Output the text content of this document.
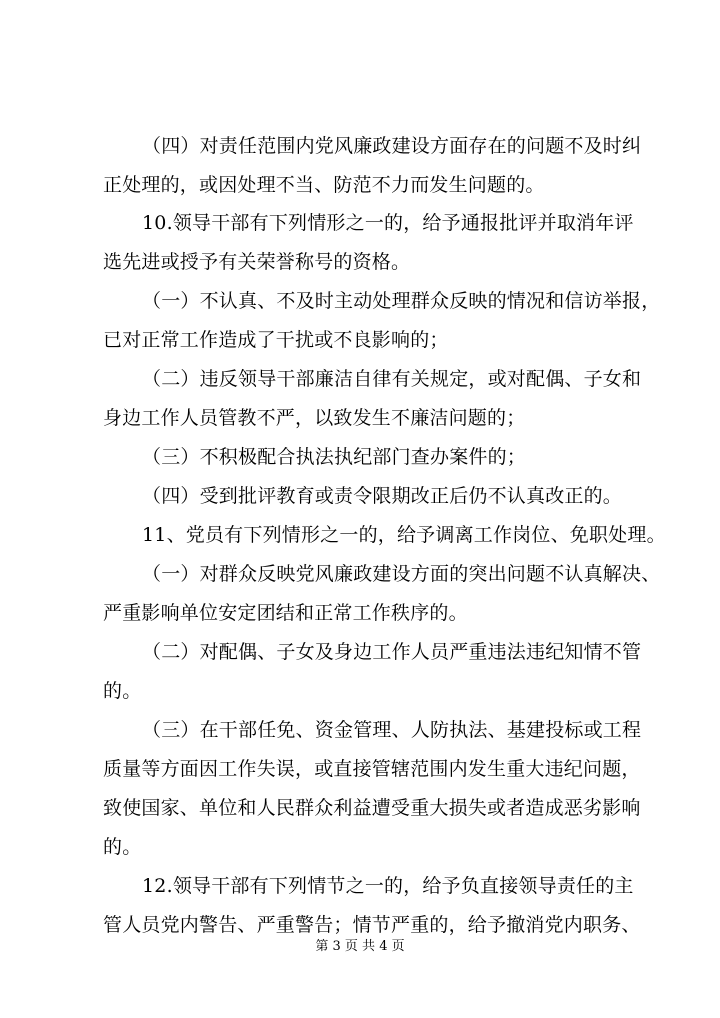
（四）对责任范围内党风廉政建设方面存在的问题不及时纠
正处理的，或因处理不当、防范不力而发生问题的。
10.领导干部有下列情形之一的，给予通报批评并取消年评
选先进或授予有关荣誉称号的资格。
（一）不认真、不及时主动处理群众反映的情况和信访举报，
已对正常工作造成了干扰或不良影响的；
（二）违反领导干部廉洁自律有关规定，或对配偶、子女和
身边工作人员管教不严，以致发生不廉洁问题的；
（三）不积极配合执法执纪部门查办案件的；
（四）受到批评教育或责令限期改正后仍不认真改正的。
11、党员有下列情形之一的，给予调离工作岗位、免职处理。
（一）对群众反映党风廉政建设方面的突出问题不认真解决、
严重影响单位安定团结和正常工作秩序的。
（二）对配偶、子女及身边工作人员严重违法违纪知情不管
的。
（三）在干部任免、资金管理、人防执法、基建投标或工程
质量等方面因工作失误，或直接管辖范围内发生重大违纪问题，
致使国家、单位和人民群众利益遭受重大损失或者造成恶劣影响
的。
12.领导干部有下列情节之一的，给予负直接领导责任的主
管人员党内警告、严重警告；情节严重的，给予撤消党内职务、
第 3 页 共 4 页
